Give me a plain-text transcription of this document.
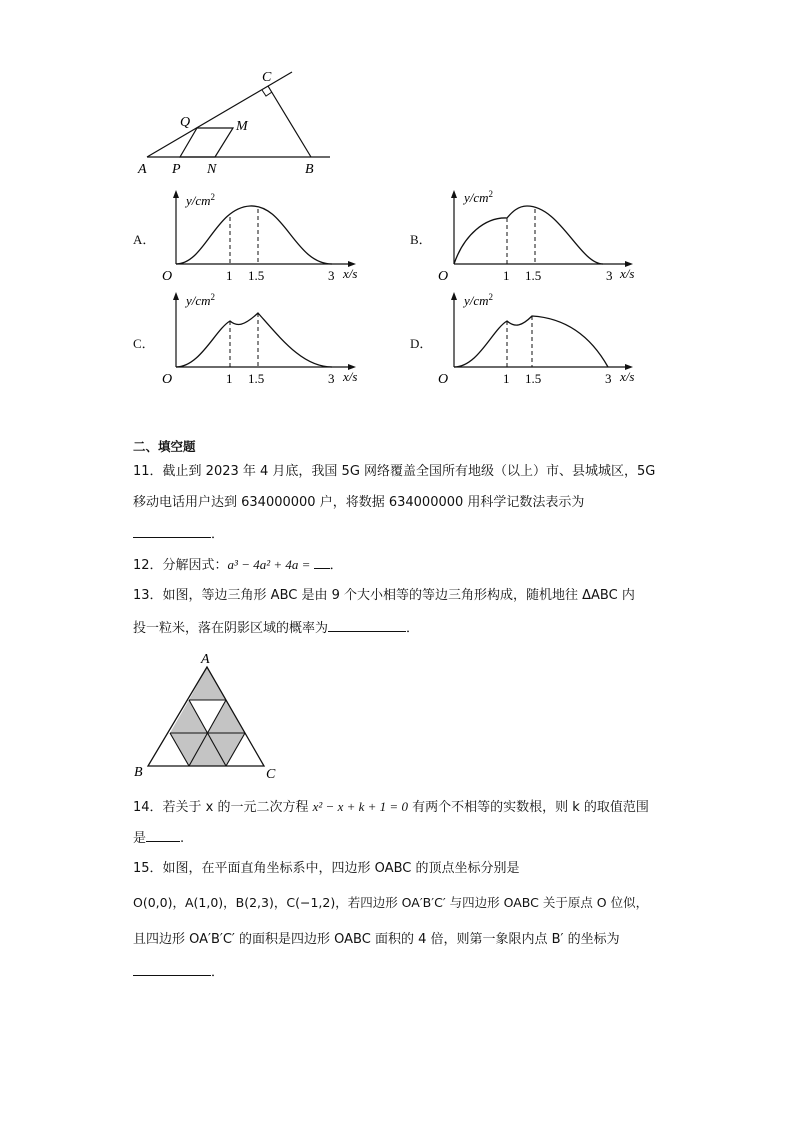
A P N	B
Q	M
C
A．
$y/cm^2$
O	1 1.5	3 x/s
B．
$y/cm^2$
O	1 1.5	3 x/s
C．
$y/cm^2$
O	1 1.5	3 x/s
D．
$y/cm^2$
O	1 1.5	3 x/s
二、填空题
11．截止到 2023 年 4 月底，我国 5G 网络覆盖全国所有地级（以上）市、县城城区，5G
移动电话用户达到 634000000 户，将数据 634000000 用科学记数法表示为
．
12．分解因式：a³ − 4a² + 4a = ．
13．如图，等边三角形 ABC 是由 9 个大小相等的等边三角形构成，随机地往 ΔABC 内
投一粒米，落在阴影区域的概率为	．
A
B	C
14．若关于 x 的一元二次方程 x² − x + k + 1 = 0 有两个不相等的实数根，则 k 的取值范围
是	.
15．如图，在平面直角坐标系中，四边形 OABC 的顶点坐标分别是
O(0,0)，A(1,0)，B(2,3)，C(−1,2)，若四边形 OA′B′C′ 与四边形 OABC 关于原点 O 位似，
且四边形 OA′B′C′ 的面积是四边形 OABC 面积的 4 倍，则第一象限内点 B′ 的坐标为
．
